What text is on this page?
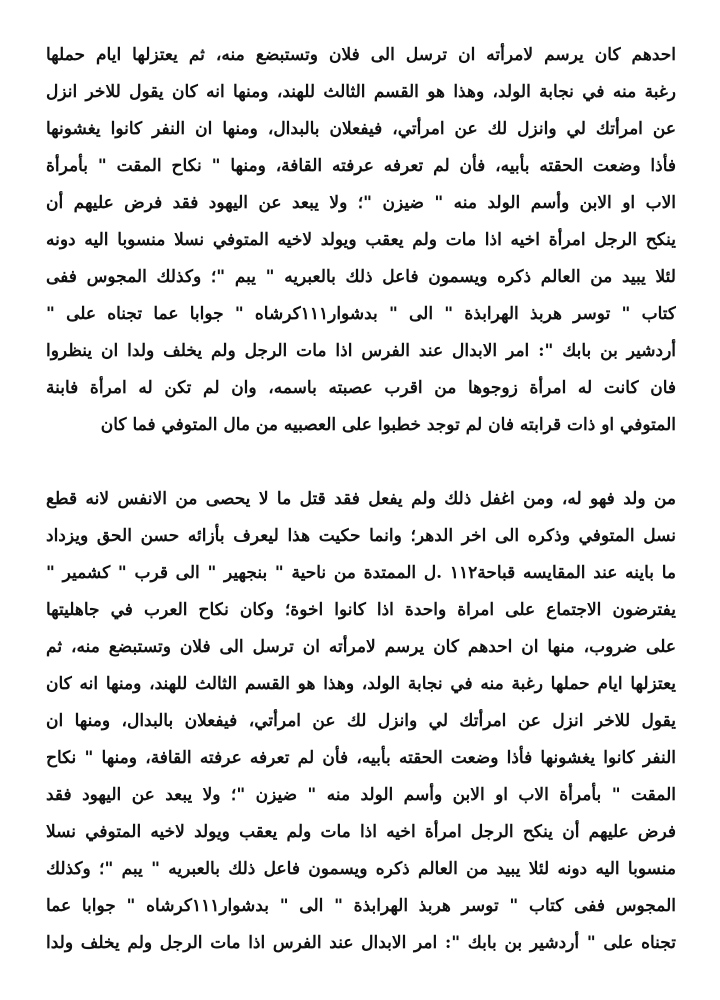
احدهم كان يرسم لامرأته ان ترسل الى فلان وتستبضع منه، ثم يعتزلها ايام حملها
رغبة منه في نجابة الولد، وهذا هو القسم الثالث للهند، ومنها انه كان يقول للاخر انزل
عن امرأتك لي وانزل لك عن امرأتي، فيفعلان بالبدال، ومنها ان النفر كانوا يغشونها
فأذا وضعت الحقته بأبيه، فأن لم تعرفه عرفته القافة، ومنها " نكاح المقت " بأمرأة
الاب او الابن وأسم الولد منه " ضيزن "؛ ولا يبعد عن اليهود فقد فرض عليهم أن
ينكح الرجل امرأة اخيه اذا مات ولم يعقب ويولد لاخيه المتوفي نسلا منسوبا اليه دونه
لئلا يبيد من العالم ذكره ويسمون فاعل ذلك بالعبريه " يبم "؛ وكذلك المجوس ففى
كتاب " توسر هربذ الهرابذة " الى " بدشوار١١١كرشاه " جوابا عما تجناه على "
أردشير بن بابك ": امر الابدال عند الفرس اذا مات الرجل ولم يخلف ولدا ان ينظروا
فان كانت له امرأة زوجوها من اقرب عصبته باسمه، وان لم تكن له امرأة فابنة
المتوفي او ذات قرابته فان لم توجد خطبوا على العصبيه من مال المتوفي فما كان
من ولد فهو له، ومن اغفل ذلك ولم يفعل فقد قتل ما لا يحصى من الانفس لانه قطع
نسل المتوفي وذكره الى اخر الدهر؛ وانما حكيت هذا ليعرف بأزائه حسن الحق ويزداد
ما باينه عند المقايسه قباحة١١٢ .ل الممتدة من ناحية " بنجهير " الى قرب " كشمير "
يفترضون الاجتماع على امراة واحدة اذا كانوا اخوة؛ وكان نكاح العرب في جاهليتها
على ضروب، منها ان احدهم كان يرسم لامرأته ان ترسل الى فلان وتستبضع منه، ثم
يعتزلها ايام حملها رغبة منه في نجابة الولد، وهذا هو القسم الثالث للهند، ومنها انه كان
يقول للاخر انزل عن امرأتك لي وانزل لك عن امرأتي، فيفعلان بالبدال، ومنها ان
النفر كانوا يغشونها فأذا وضعت الحقته بأبيه، فأن لم تعرفه عرفته القافة، ومنها " نكاح
المقت " بأمرأة الاب او الابن وأسم الولد منه " ضيزن "؛ ولا يبعد عن اليهود فقد
فرض عليهم أن ينكح الرجل امرأة اخيه اذا مات ولم يعقب ويولد لاخيه المتوفي نسلا
منسوبا اليه دونه لئلا يبيد من العالم ذكره ويسمون فاعل ذلك بالعبريه " يبم "؛ وكذلك
المجوس ففى كتاب " توسر هربذ الهرابذة " الى " بدشوار١١١كرشاه " جوابا عما
تجناه على " أردشير بن بابك ": امر الابدال عند الفرس اذا مات الرجل ولم يخلف ولدا
